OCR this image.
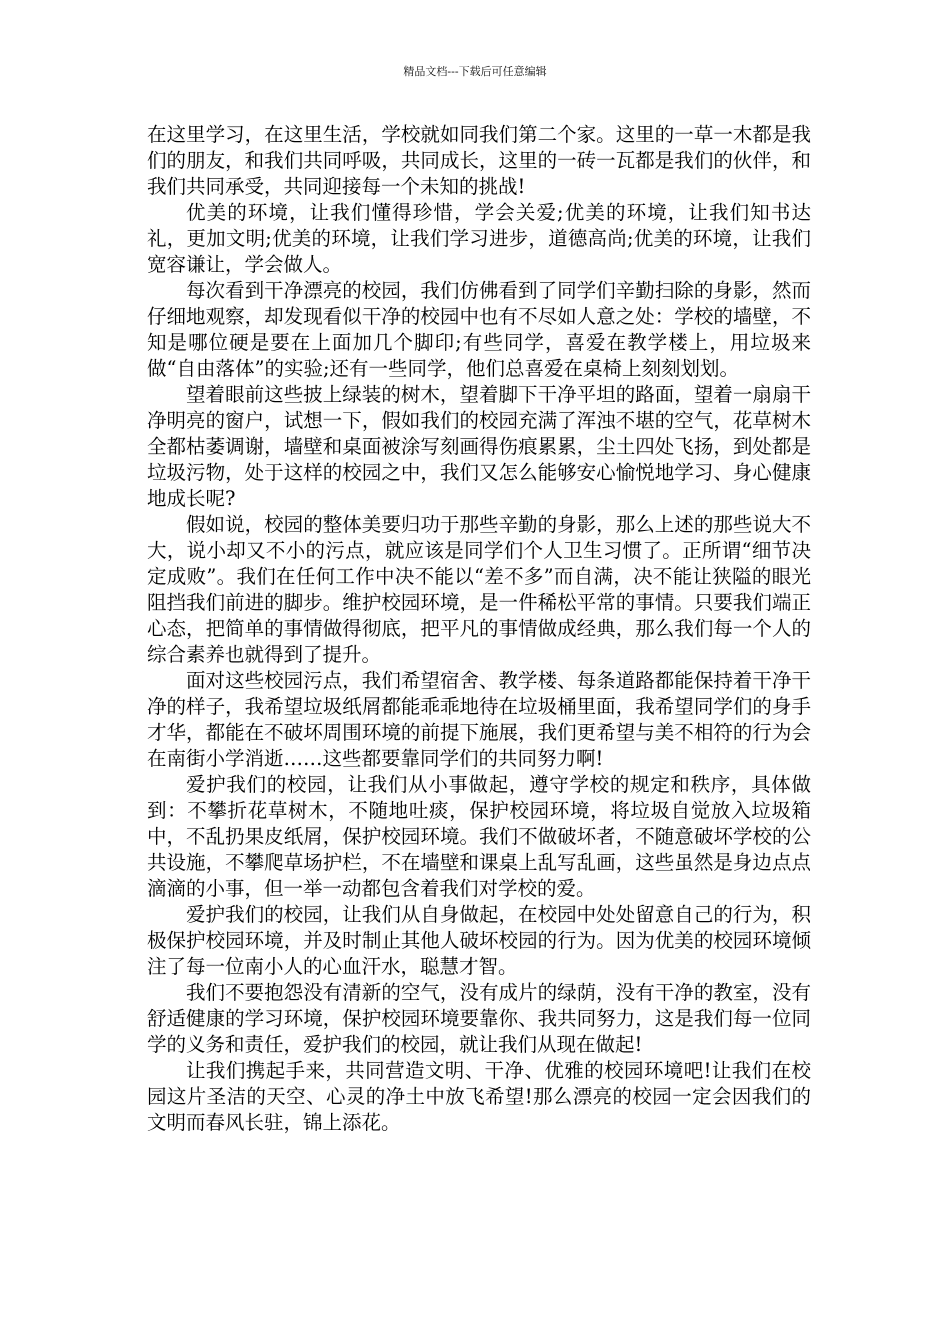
精品文档---下载后可任意编辑

在这里学习，在这里生活，学校就如同我们第二个家。这里的一草一木都是我们的朋友，和我们共同呼吸，共同成长，这里的一砖一瓦都是我们的伙伴，和我们共同承受，共同迎接每一个未知的挑战!

优美的环境，让我们懂得珍惜，学会关爱;优美的环境，让我们知书达礼，更加文明;优美的环境，让我们学习进步，道德高尚;优美的环境，让我们宽容谦让，学会做人。

每次看到干净漂亮的校园，我们仿佛看到了同学们辛勤扫除的身影，然而仔细地观察，却发现看似干净的校园中也有不尽如人意之处：学校的墙壁，不知是哪位硬是要在上面加几个脚印;有些同学，喜爱在教学楼上，用垃圾来做“自由落体”的实验;还有一些同学，他们总喜爱在桌椅上刻刻划划。

望着眼前这些披上绿装的树木，望着脚下干净平坦的路面，望着一扇扇干净明亮的窗户，试想一下，假如我们的校园充满了浑浊不堪的空气，花草树木全都枯萎调谢，墙壁和桌面被涂写刻画得伤痕累累，尘土四处飞扬，到处都是垃圾污物，处于这样的校园之中，我们又怎么能够安心愉悦地学习、身心健康地成长呢?

假如说，校园的整体美要归功于那些辛勤的身影，那么上述的那些说大不大，说小却又不小的污点，就应该是同学们个人卫生习惯了。正所谓“细节决定成败”。我们在任何工作中决不能以“差不多”而自满，决不能让狭隘的眼光阻挡我们前进的脚步。维护校园环境，是一件稀松平常的事情。只要我们端正心态，把简单的事情做得彻底，把平凡的事情做成经典，那么我们每一个人的综合素养也就得到了提升。

面对这些校园污点，我们希望宿舍、教学楼、每条道路都能保持着干净干净的样子，我希望垃圾纸屑都能乖乖地待在垃圾桶里面，我希望同学们的身手才华，都能在不破坏周围环境的前提下施展，我们更希望与美不相符的行为会在南街小学消逝……这些都要靠同学们的共同努力啊!

爱护我们的校园，让我们从小事做起，遵守学校的规定和秩序，具体做到：不攀折花草树木，不随地吐痰，保护校园环境，将垃圾自觉放入垃圾箱中，不乱扔果皮纸屑，保护校园环境。我们不做破坏者，不随意破坏学校的公共设施，不攀爬草场护栏，不在墙壁和课桌上乱写乱画，这些虽然是身边点点滴滴的小事，但一举一动都包含着我们对学校的爱。

爱护我们的校园，让我们从自身做起，在校园中处处留意自己的行为，积极保护校园环境，并及时制止其他人破坏校园的行为。因为优美的校园环境倾注了每一位南小人的心血汗水，聪慧才智。

我们不要抱怨没有清新的空气，没有成片的绿荫，没有干净的教室，没有舒适健康的学习环境，保护校园环境要靠你、我共同努力，这是我们每一位同学的义务和责任，爱护我们的校园，就让我们从现在做起!

让我们携起手来，共同营造文明、干净、优雅的校园环境吧!让我们在校园这片圣洁的天空、心灵的净土中放飞希望!那么漂亮的校园一定会因我们的文明而春风长驻，锦上添花。
